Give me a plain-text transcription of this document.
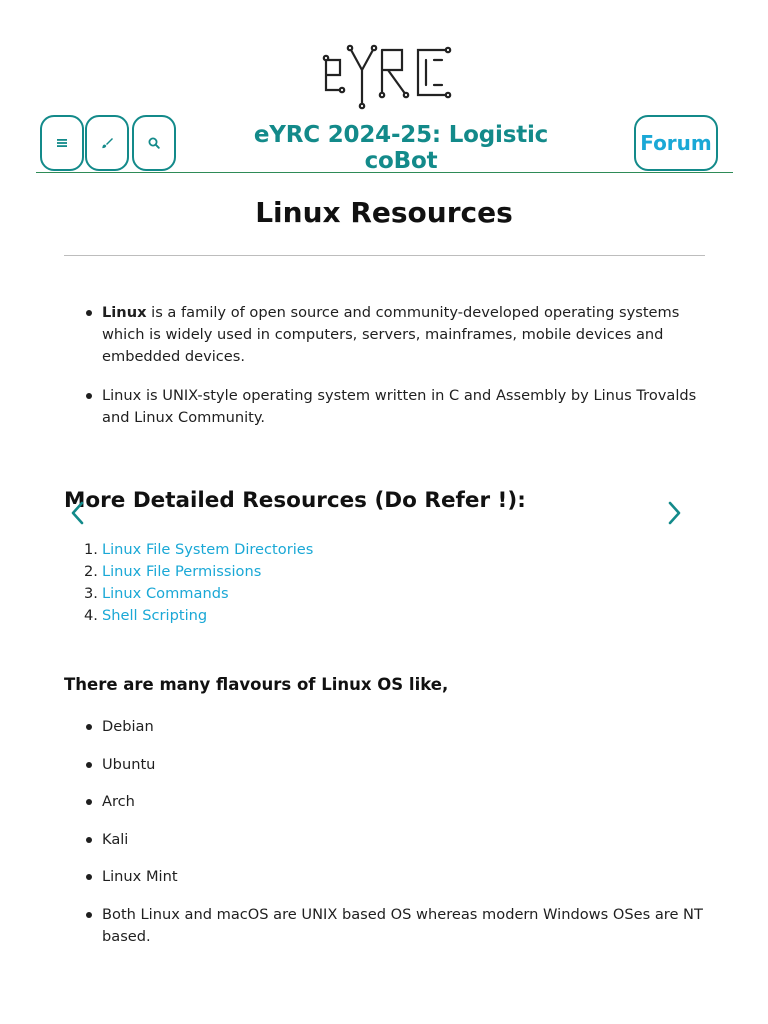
eYRC 2024-25: Logistic coBot
Forum
Linux Resources
Linux is a family of open source and community-developed operating systems which is widely used in computers, servers, mainframes, mobile devices and embedded devices.
Linux is UNIX-style operating system written in C and Assembly by Linus Trovalds and Linux Community.
More Detailed Resources (Do Refer !):
1. Linux File System Directories
2. Linux File Permissions
3. Linux Commands
4. Shell Scripting
There are many flavours of Linux OS like,
Debian
Ubuntu
Arch
Kali
Linux Mint
Both Linux and macOS are UNIX based OS whereas modern Windows OSes are NT based.
